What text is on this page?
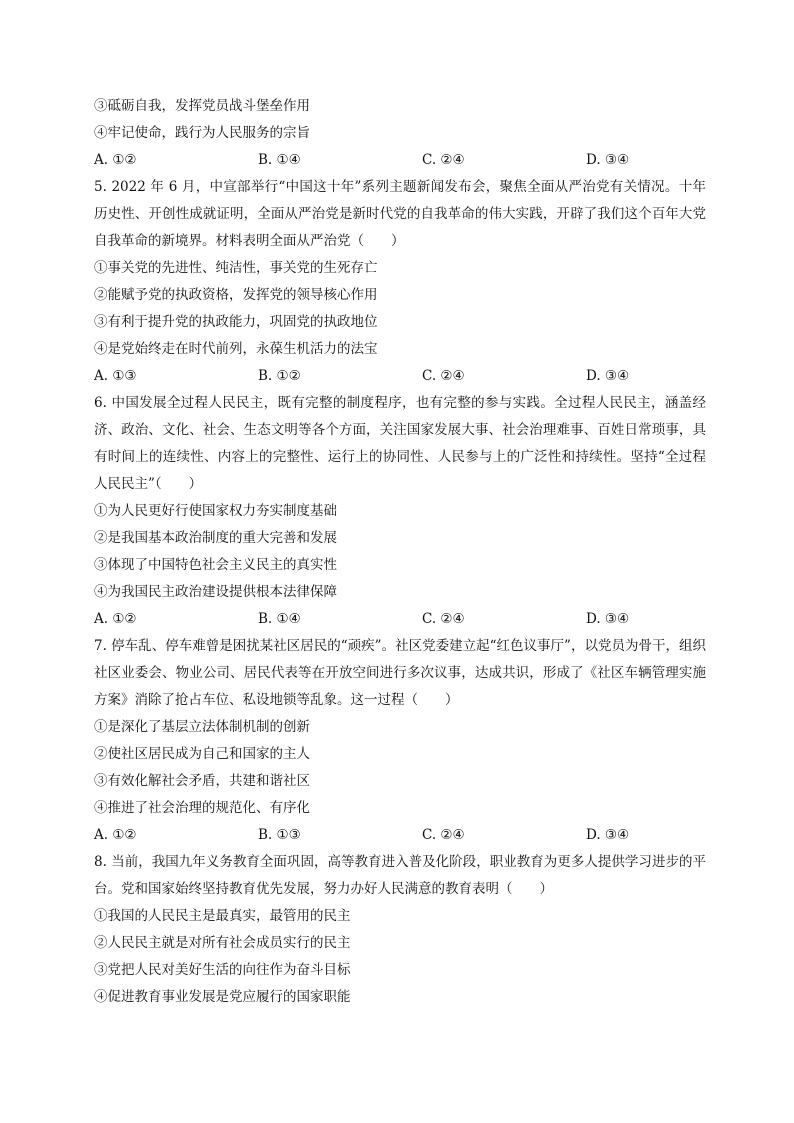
③砥砺自我，发挥党员战斗堡垒作用
④牢记使命，践行为人民服务的宗旨
A. ①②	B. ①④	C. ②④	D. ③④
5. 2022 年 6 月，中宣部举行“中国这十年”系列主题新闻发布会，聚焦全面从严治党有关情况。十年历史性、开创性成就证明，全面从严治党是新时代党的自我革命的伟大实践，开辟了我们这个百年大党自我革命的新境界。材料表明全面从严治党（　　）
①事关党的先进性、纯洁性，事关党的生死存亡
②能赋予党的执政资格，发挥党的领导核心作用
③有利于提升党的执政能力，巩固党的执政地位
④是党始终走在时代前列，永葆生机活力的法宝
A. ①③	B. ①②	C. ②④	D. ③④
6. 中国发展全过程人民民主，既有完整的制度程序，也有完整的参与实践。全过程人民民主，涵盖经济、政治、文化、社会、生态文明等各个方面，关注国家发展大事、社会治理难事、百姓日常琐事，具有时间上的连续性、内容上的完整性、运行上的协同性、人民参与上的广泛性和持续性。坚持“全过程人民民主”（　　）
①为人民更好行使国家权力夯实制度基础
②是我国基本政治制度的重大完善和发展
③体现了中国特色社会主义民主的真实性
④为我国民主政治建设提供根本法律保障
A. ①②	B. ①④	C. ②④	D. ③④
7. 停车乱、停车难曾是困扰某社区居民的“顽疾”。社区党委建立起“红色议事厅”，以党员为骨干，组织社区业委会、物业公司、居民代表等在开放空间进行多次议事，达成共识，形成了《社区车辆管理实施方案》消除了抢占车位、私设地锁等乱象。这一过程（　　）
①是深化了基层立法体制机制的创新
②使社区居民成为自己和国家的主人
③有效化解社会矛盾，共建和谐社区
④推进了社会治理的规范化、有序化
A. ①②	B. ①③	C. ②④	D. ③④
8. 当前，我国九年义务教育全面巩固，高等教育进入普及化阶段，职业教育为更多人提供学习进步的平台。党和国家始终坚持教育优先发展，努力办好人民满意的教育表明（　　）
①我国的人民民主是最真实，最管用的民主
②人民民主就是对所有社会成员实行的民主
③党把人民对美好生活的向往作为奋斗目标
④促进教育事业发展是党应履行的国家职能
